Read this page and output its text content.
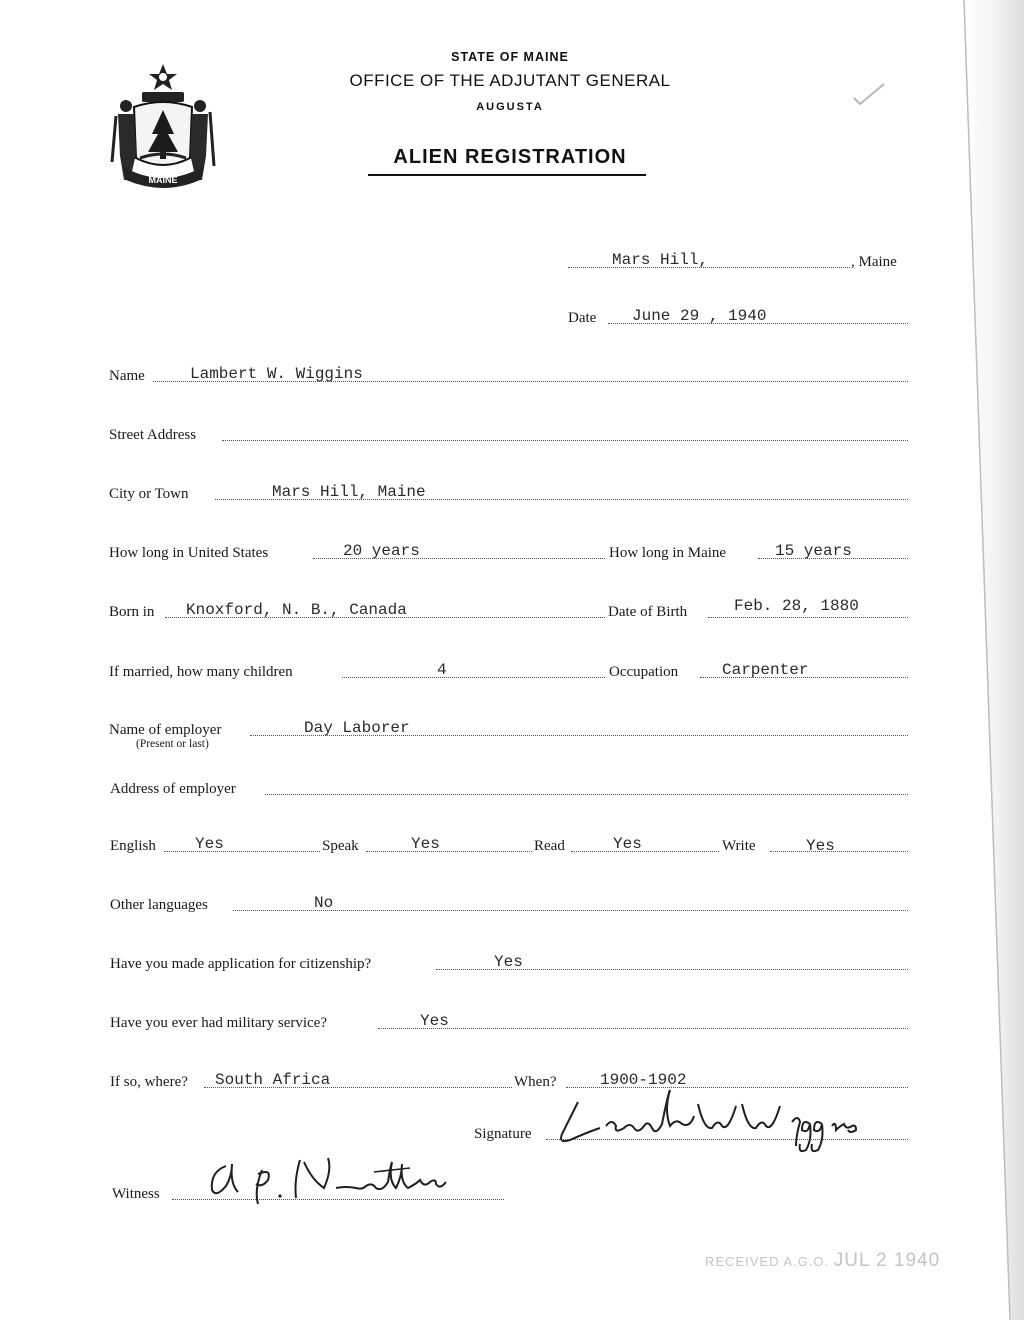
MAINE
STATE OF MAINE
OFFICE OF THE ADJUTANT GENERAL
AUGUSTA
ALIEN REGISTRATION
Mars Hill,	, Maine
Date June 29 , 1940
Name	Lambert W. Wiggins
Street Address
City or Town	Mars Hill, Maine
How long in United States	20 years	How long in Maine	15 years
Born in Knoxford, N. B., Canada	Date of Birth	Feb. 28, 1880
If married, how many children	4	Occupation	Carpenter
Name of employer	Day Laborer
(Present or last)
Address of employer
English Yes	Speak	Yes	Read	Yes	Write	Yes
Other languages	No
Have you made application for citizenship?	Yes
Have you ever had military service?	Yes
If so, where? South Africa	When?	1900-1902
Signature
Witness
RECEIVED A.G.O. JUL 2 1940
